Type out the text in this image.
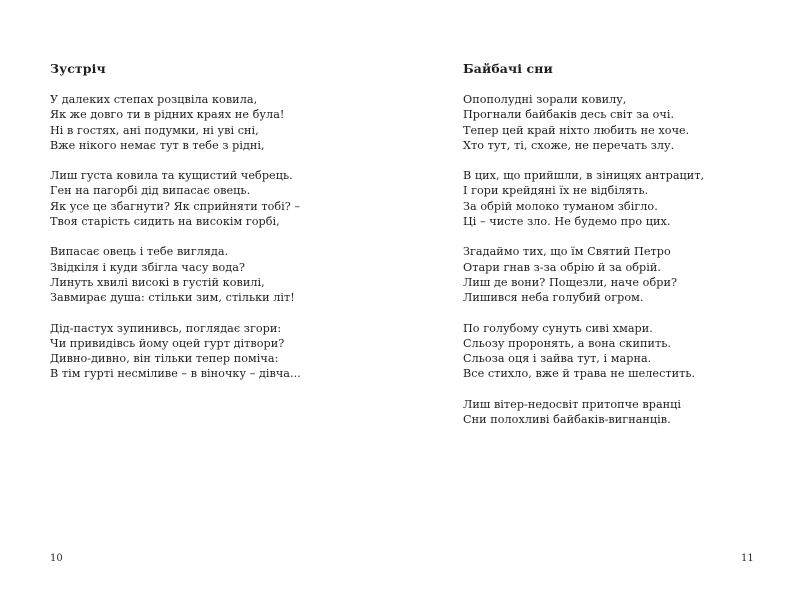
Зустріч
У далеких степах розцвіла ковила,
Як же довго ти в рідних краях не була!
Ні в гостях, ані подумки, ні уві сні,
Вже нікого немає тут в тебе з рідні,
Лиш густа ковила та кущистий чебрець.
Ген на пагорбі дід випасає овець.
Як усе це збагнути? Як сприйняти тобі? –
Твоя старість сидить на високім горбі,
Випасає овець і тебе вигляда.
Звідкіля і куди збігла часу вода?
Линуть хвилі високі в густій ковилі,
Завмирає душа: стільки зим, стільки літ!
Дід-пастух зупинивсь, поглядає згори:
Чи привидівсь йому оцей гурт дітвори?
Дивно-дивно, він тільки тепер поміча:
В тім гурті несміливе – в віночку – дівча...
10
Байбачі сни
Опополудні зорали ковилу,
Прогнали байбаків десь світ за очі.
Тепер цей край ніхто любить не хоче.
Хто тут, ті, схоже, не перечать злу.
В цих, що прийшли, в зіницях антрацит,
І гори крейдяні їх не відбілять.
За обрій молоко туманом збігло.
Ці – чисте зло. Не будемо про цих.
Згадаймо тих, що їм Святий Петро
Отари гнав з-за обрію й за обрій.
Лиш де вони? Пощезли, наче обри?
Лишився неба голубий огром.
По голубому сунуть сиві хмари.
Сльозу проронять, а вона скипить.
Сльоза оця і зайва тут, і марна.
Все стихло, вже й трава не шелестить.
Лиш вітер-недосвіт притопче вранці
Сни полохливі байбаків-вигнанців.
11
